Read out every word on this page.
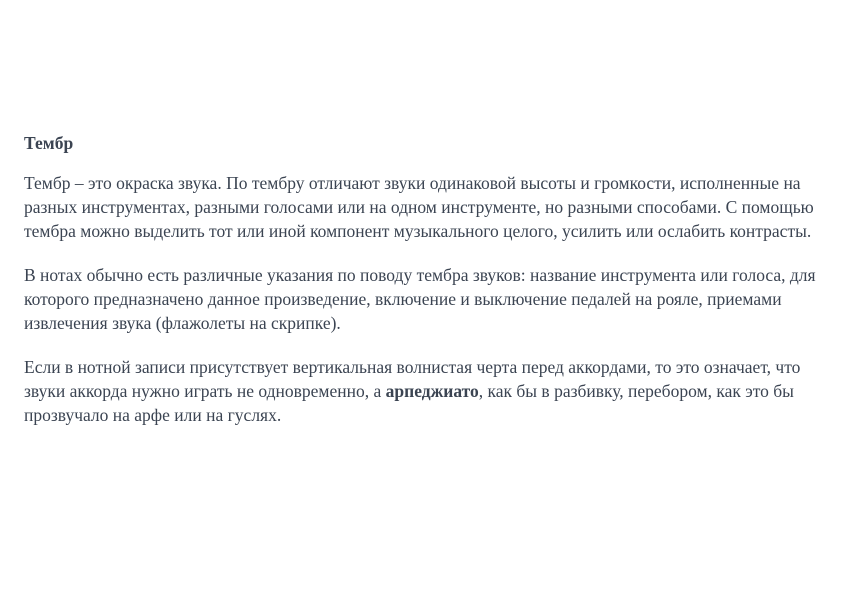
Тембр

Тембр – это окраска звука. По тембру отличают звуки одинаковой высоты и громкости, исполненные на разных инструментах, разными голосами или на одном инструменте, но разными способами. С помощью тембра можно выделить тот или иной компонент музыкального целого, усилить или ослабить контрасты.

В нотах обычно есть различные указания по поводу тембра звуков: название инструмента или голоса, для которого предназначено данное произведение, включение и выключение педалей на рояле, приемами извлечения звука (флажолеты на скрипке).

Если в нотной записи присутствует вертикальная волнистая черта перед аккордами, то это означает, что звуки аккорда нужно играть не одновременно, а арпеджиато, как бы в разбивку, перебором, как это бы прозвучало на арфе или на гуслях.
